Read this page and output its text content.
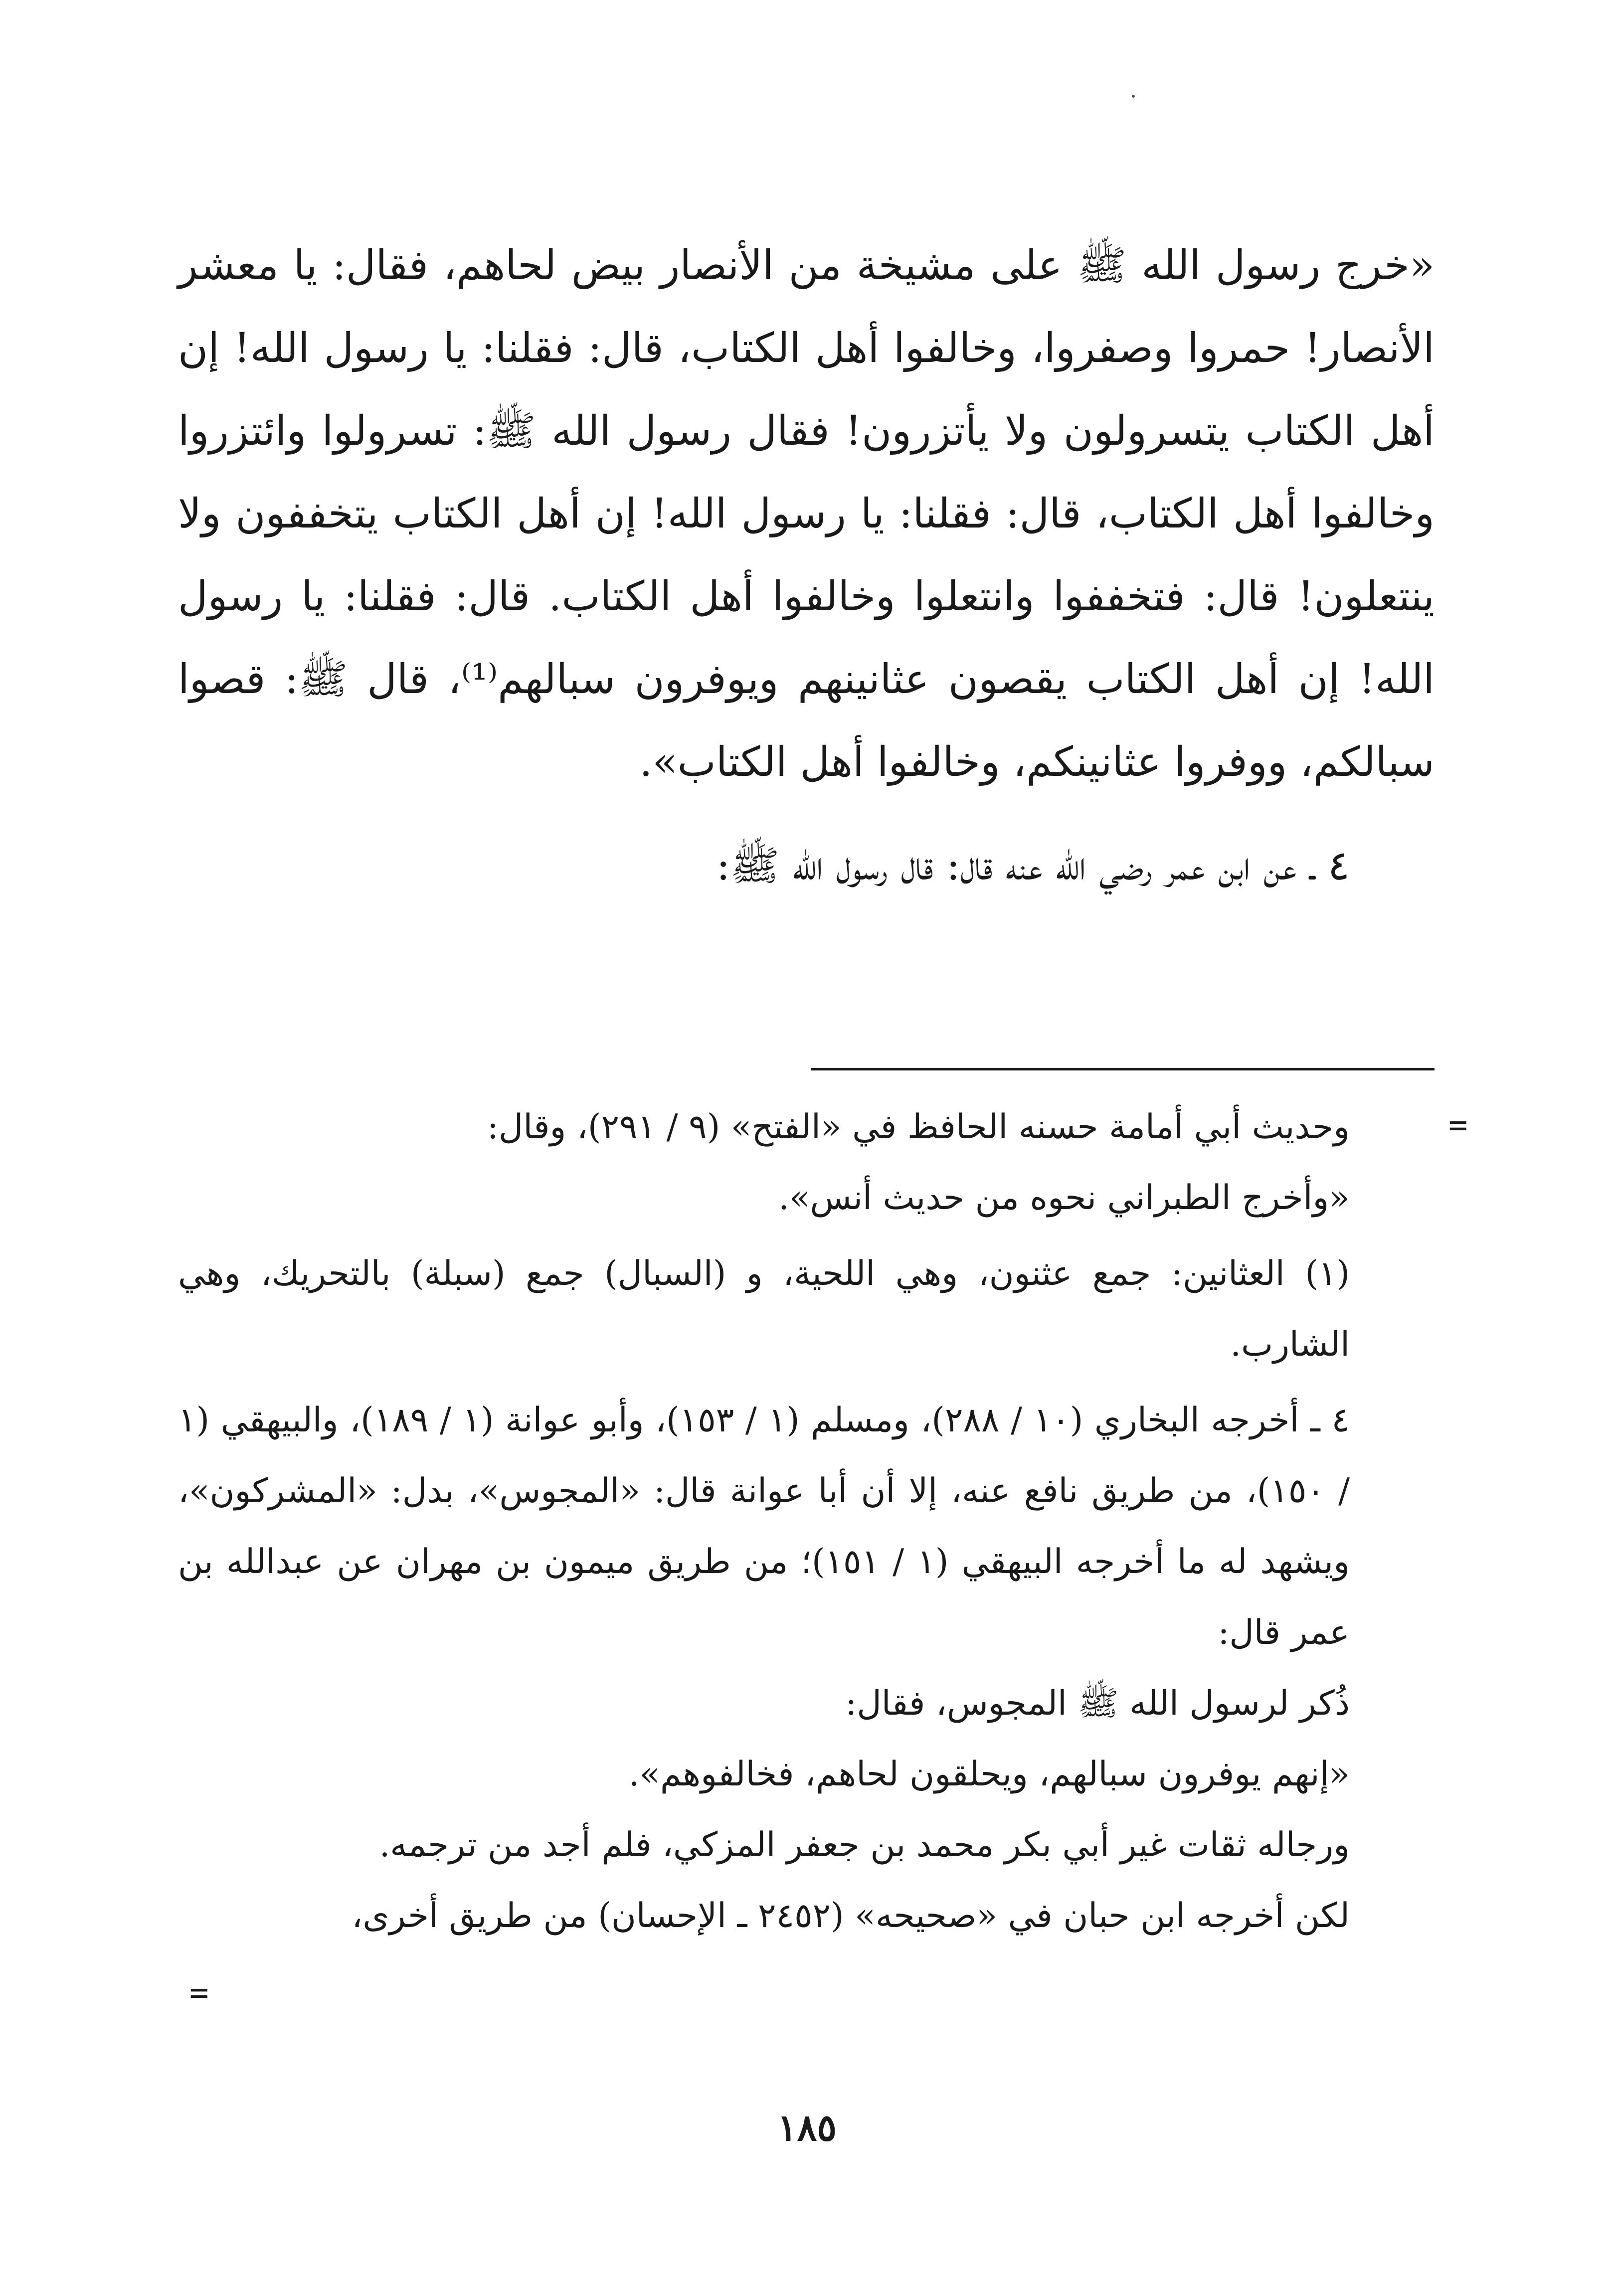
«خرج رسول الله ﷺ على مشيخة من الأنصار بيض لحاهم، فقال: يا معشر الأنصار! حمروا وصفروا، وخالفوا أهل الكتاب، قال: فقلنا: يا رسول الله! إن أهل الكتاب يتسرولون ولا يأتزرون! فقال رسول الله ﷺ: تسرولوا وائتزروا وخالفوا أهل الكتاب، قال: فقلنا: يا رسول الله! إن أهل الكتاب يتخففون ولا ينتعلون! قال: فتخففوا وانتعلوا وخالفوا أهل الكتاب. قال: فقلنا: يا رسول الله! إن أهل الكتاب يقصون عثانينهم ويوفرون سبالهم⁽¹⁾، قال ﷺ: قصوا سبالكم، ووفروا عثانينكم، وخالفوا أهل الكتاب».

٤ ـ عن ابن عمر رضي الله عنه قال: قال رسول الله ﷺ:

=

وحديث أبي أمامة حسنه الحافظ في «الفتح» (٩ / ٢٩١)، وقال:

«وأخرج الطبراني نحوه من حديث أنس».

(١) العثانين: جمع عثنون، وهي اللحية، و (السبال) جمع (سبلة) بالتحريك، وهي الشارب.

٤ ـ أخرجه البخاري (١٠ / ٢٨٨)، ومسلم (١ / ١٥٣)، وأبو عوانة (١ / ١٨٩)، والبيهقي (١ / ١٥٠)، من طريق نافع عنه، إلا أن أبا عوانة قال: «المجوس»، بدل: «المشركون»، ويشهد له ما أخرجه البيهقي (١ / ١٥١)؛ من طريق ميمون بن مهران عن عبدالله بن عمر قال:

ذُكر لرسول الله ﷺ المجوس، فقال:

«إنهم يوفرون سبالهم، ويحلقون لحاهم، فخالفوهم».

ورجاله ثقات غير أبي بكر محمد بن جعفر المزكي، فلم أجد من ترجمه.

لكن أخرجه ابن حبان في «صحيحه» (٢٤٥٢ ـ الإحسان) من طريق أخرى،

=
١٨٥
